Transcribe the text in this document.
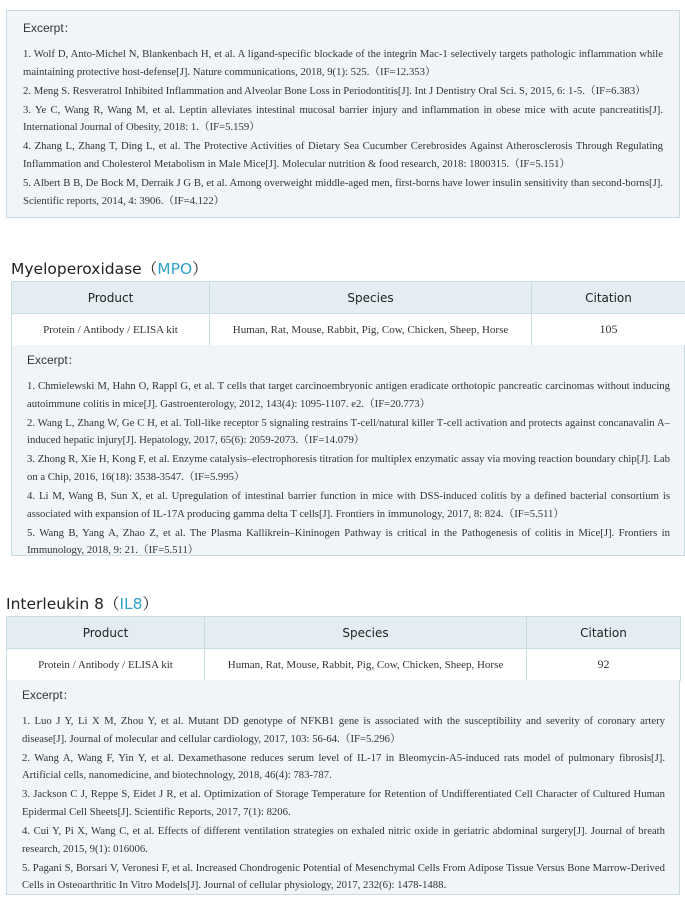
Excerpt：
1. Wolf D, Anto-Michel N, Blankenbach H, et al. A ligand-specific blockade of the integrin Mac-1 selectively targets pathologic inflammation while maintaining protective host-defense[J]. Nature communications, 2018, 9(1): 525.（IF=12.353）
2. Meng S. Resveratrol Inhibited Inflammation and Alveolar Bone Loss in Periodontitis[J]. Int J Dentistry Oral Sci. S, 2015, 6: 1-5.（IF=6.383）
3. Ye C, Wang R, Wang M, et al. Leptin alleviates intestinal mucosal barrier injury and inflammation in obese mice with acute pancreatitis[J]. International Journal of Obesity, 2018: 1.（IF=5.159）
4. Zhang L, Zhang T, Ding L, et al. The Protective Activities of Dietary Sea Cucumber Cerebrosides Against Atherosclerosis Through Regulating Inflammation and Cholesterol Metabolism in Male Mice[J]. Molecular nutrition & food research, 2018: 1800315.（IF=5.151）
5. Albert B B, De Bock M, Derraik J G B, et al. Among overweight middle-aged men, first-borns have lower insulin sensitivity than second-borns[J]. Scientific reports, 2014, 4: 3906.（IF=4.122）
Myeloperoxidase（MPO）
Product	Species	Citation
Protein / Antibody / ELISA kit	Human, Rat, Mouse, Rabbit, Pig, Cow, Chicken, Sheep, Horse	105
Excerpt：
1. Chmielewski M, Hahn O, Rappl G, et al. T cells that target carcinoembryonic antigen eradicate orthotopic pancreatic carcinomas without inducing autoimmune colitis in mice[J]. Gastroenterology, 2012, 143(4): 1095-1107. e2.（IF=20.773）
2. Wang L, Zhang W, Ge C H, et al. Toll‑like receptor 5 signaling restrains T‑cell/natural killer T‑cell activation and protects against concanavalin A–induced hepatic injury[J]. Hepatology, 2017, 65(6): 2059-2073.（IF=14.079）
3. Zhong R, Xie H, Kong F, et al. Enzyme catalysis–electrophoresis titration for multiplex enzymatic assay via moving reaction boundary chip[J]. Lab on a Chip, 2016, 16(18): 3538-3547.（IF=5.995）
4. Li M, Wang B, Sun X, et al. Upregulation of intestinal barrier function in mice with DSS-induced colitis by a defined bacterial consortium is associated with expansion of IL-17A producing gamma delta T cells[J]. Frontiers in immunology, 2017, 8: 824.（IF=5.511）
5. Wang B, Yang A, Zhao Z, et al. The Plasma Kallikrein–Kininogen Pathway is critical in the Pathogenesis of colitis in Mice[J]. Frontiers in Immunology, 2018, 9: 21.（IF=5.511）
Interleukin 8（IL8）
Product	Species	Citation
Protein / Antibody / ELISA kit	Human, Rat, Mouse, Rabbit, Pig, Cow, Chicken, Sheep, Horse	92
Excerpt：
1. Luo J Y, Li X M, Zhou Y, et al. Mutant DD genotype of NFKB1 gene is associated with the susceptibility and severity of coronary artery disease[J]. Journal of molecular and cellular cardiology, 2017, 103: 56-64.（IF=5.296）
2. Wang A, Wang F, Yin Y, et al. Dexamethasone reduces serum level of IL-17 in Bleomycin-A5-induced rats model of pulmonary fibrosis[J]. Artificial cells, nanomedicine, and biotechnology, 2018, 46(4): 783-787.
3. Jackson C J, Reppe S, Eidet J R, et al. Optimization of Storage Temperature for Retention of Undifferentiated Cell Character of Cultured Human Epidermal Cell Sheets[J]. Scientific Reports, 2017, 7(1): 8206.
4. Cui Y, Pi X, Wang C, et al. Effects of different ventilation strategies on exhaled nitric oxide in geriatric abdominal surgery[J]. Journal of breath research, 2015, 9(1): 016006.
5. Pagani S, Borsari V, Veronesi F, et al. Increased Chondrogenic Potential of Mesenchymal Cells From Adipose Tissue Versus Bone Marrow‑Derived Cells in Osteoarthritic In Vitro Models[J]. Journal of cellular physiology, 2017, 232(6): 1478-1488.
